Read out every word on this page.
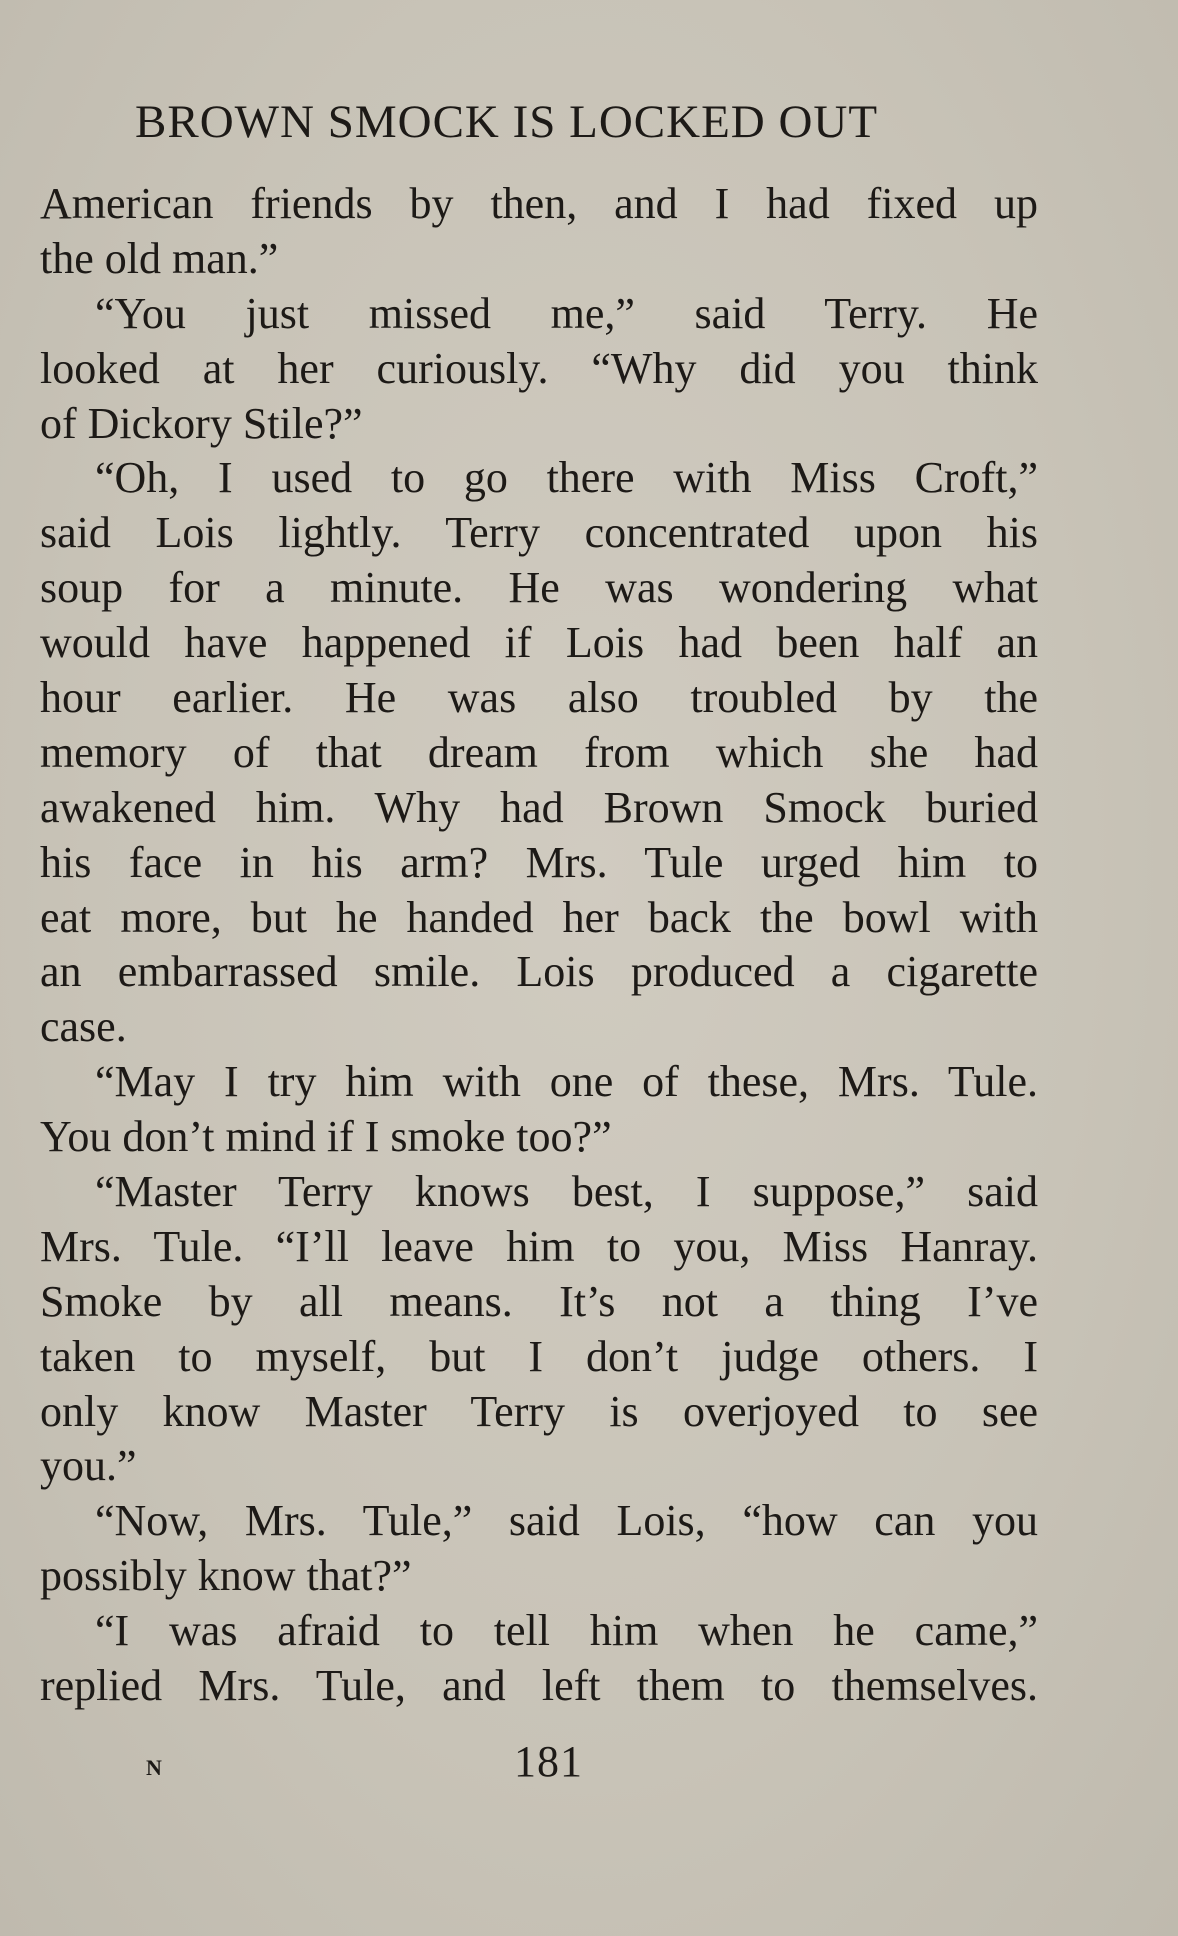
BROWN SMOCK IS LOCKED OUT
American friends by then, and I had fixed up
the old man.”
“You just missed me,” said Terry. He
looked at her curiously. “Why did you think
of Dickory Stile?”
“Oh, I used to go there with Miss Croft,”
said Lois lightly. Terry concentrated upon his
soup for a minute. He was wondering what
would have happened if Lois had been half an
hour earlier. He was also troubled by the
memory of that dream from which she had
awakened him. Why had Brown Smock buried
his face in his arm? Mrs. Tule urged him to
eat more, but he handed her back the bowl with
an embarrassed smile. Lois produced a cigarette
case.
“May I try him with one of these, Mrs. Tule.
You don’t mind if I smoke too?”
“Master Terry knows best, I suppose,” said
Mrs. Tule. “I’ll leave him to you, Miss Hanray.
Smoke by all means. It’s not a thing I’ve
taken to myself, but I don’t judge others. I
only know Master Terry is overjoyed to see
you.”
“Now, Mrs. Tule,” said Lois, “how can you
possibly know that?”
“I was afraid to tell him when he came,”
replied Mrs. Tule, and left them to themselves.
N	181
